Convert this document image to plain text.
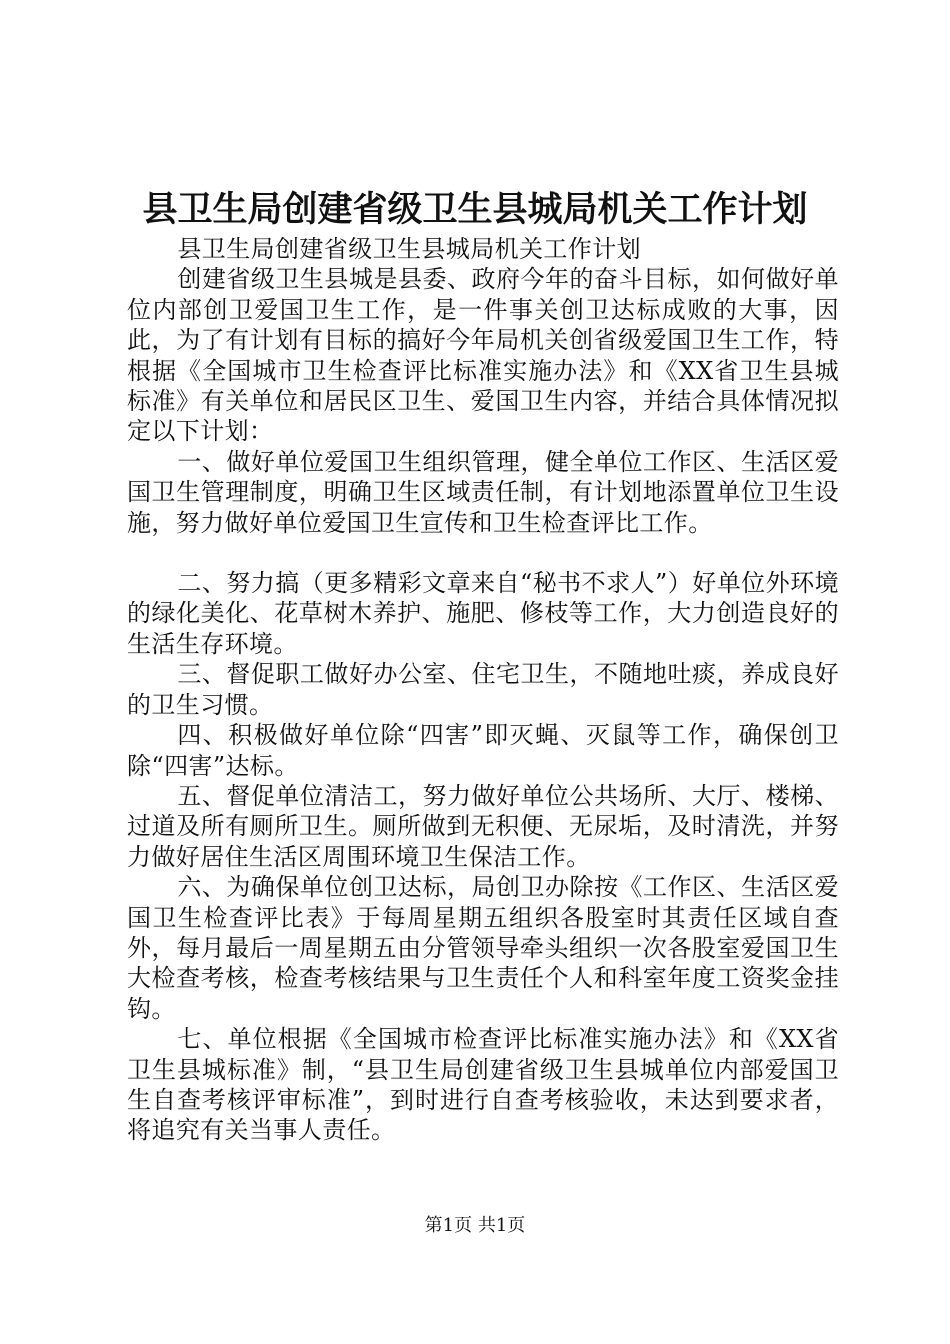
县卫生局创建省级卫生县城局机关工作计划

县卫生局创建省级卫生县城局机关工作计划

创建省级卫生县城是县委、政府今年的奋斗目标，如何做好单位内部创卫爱国卫生工作，是一件事关创卫达标成败的大事，因此，为了有计划有目标的搞好今年局机关创省级爱国卫生工作，特根据《全国城市卫生检查评比标准实施办法》和《XX省卫生县城标准》有关单位和居民区卫生、爱国卫生内容，并结合具体情况拟定以下计划：

一、做好单位爱国卫生组织管理，健全单位工作区、生活区爱国卫生管理制度，明确卫生区域责任制，有计划地添置单位卫生设施，努力做好单位爱国卫生宣传和卫生检查评比工作。

二、努力搞（更多精彩文章来自“秘书不求人”）好单位外环境的绿化美化、花草树木养护、施肥、修枝等工作，大力创造良好的生活生存环境。

三、督促职工做好办公室、住宅卫生，不随地吐痰，养成良好的卫生习惯。

四、积极做好单位除“四害”即灭蝇、灭鼠等工作，确保创卫除“四害”达标。

五、督促单位清洁工，努力做好单位公共场所、大厅、楼梯、过道及所有厕所卫生。厕所做到无积便、无尿垢，及时清洗，并努力做好居住生活区周围环境卫生保洁工作。

六、为确保单位创卫达标，局创卫办除按《工作区、生活区爱国卫生检查评比表》于每周星期五组织各股室时其责任区域自查外，每月最后一周星期五由分管领导牵头组织一次各股室爱国卫生大检查考核，检查考核结果与卫生责任个人和科室年度工资奖金挂钩。

七、单位根据《全国城市检查评比标准实施办法》和《XX省卫生县城标准》制，“县卫生局创建省级卫生县城单位内部爱国卫生自查考核评审标准”，到时进行自查考核验收，未达到要求者，将追究有关当事人责任。

第1页 共1页
